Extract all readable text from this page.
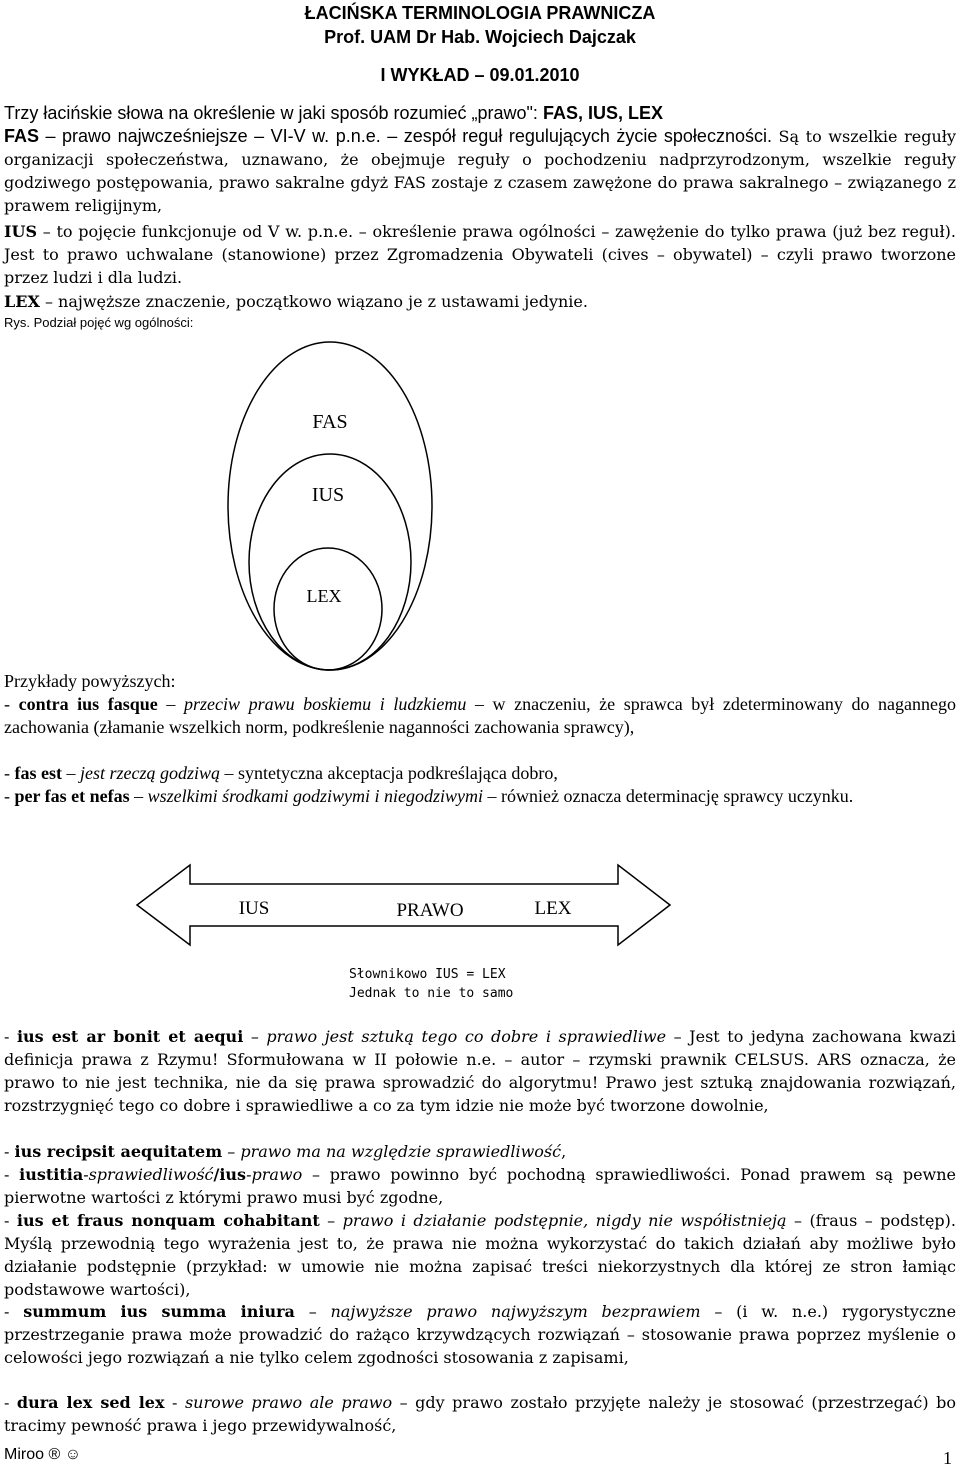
ŁACIŃSKA TERMINOLOGIA PRAWNICZA
Prof. UAM Dr Hab. Wojciech Dajczak
I WYKŁAD – 09.01.2010
Trzy łacińskie słowa na określenie w jaki sposób rozumieć „prawo": FAS, IUS, LEX
FAS – prawo najwcześniejsze – VI-V w. p.n.e. – zespół reguł regulujących życie społeczności. Są to wszelkie reguły organizacji społeczeństwa, uznawano, że obejmuje reguły o pochodzeniu nadprzyrodzonym, wszelkie reguły godziwego postępowania, prawo sakralne gdyż FAS zostaje z czasem zawężone do prawa sakralnego – związanego z prawem religijnym,
IUS – to pojęcie funkcjonuje od V w. p.n.e. – określenie prawa ogólności – zawężenie do tylko prawa (już bez reguł). Jest to prawo uchwalane (stanowione) przez Zgromadzenia Obywateli (cives – obywatel) – czyli prawo tworzone przez ludzi i dla ludzi.
LEX – najwęższe znaczenie, początkowo wiązano je z ustawami jedynie.
Rys. Podział pojęć wg ogólności:
FAS
IUS
LEX
Przykłady powyższych:
- contra ius fasque – przeciw prawu boskiemu i ludzkiemu – w znaczeniu, że sprawca był zdeterminowany do nagannego zachowania (złamanie wszelkich norm, podkreślenie naganności zachowania sprawcy),
- fas est – jest rzeczą godziwą – syntetyczna akceptacja podkreślająca dobro,
- per fas et nefas – wszelkimi środkami godziwymi i niegodziwymi – również oznacza determinację sprawcy uczynku.
IUS	PRAWO	LEX
Słownikowo IUS = LEX
Jednak to nie to samo
- ius est ar bonit et aequi – prawo jest sztuką tego co dobre i sprawiedliwe – Jest to jedyna zachowana kwazi definicja prawa z Rzymu! Sformułowana w II połowie n.e. – autor – rzymski prawnik CELSUS. ARS oznacza, że prawo to nie jest technika, nie da się prawa sprowadzić do algorytmu! Prawo jest sztuką znajdowania rozwiązań, rozstrzygnięć tego co dobre i sprawiedliwe a co za tym idzie nie może być tworzone dowolnie,
- ius recipsit aequitatem – prawo ma na względzie sprawiedliwość,
- iustitia-sprawiedliwość/ius-prawo – prawo powinno być pochodną sprawiedliwości. Ponad prawem są pewne pierwotne wartości z którymi prawo musi być zgodne,
- ius et fraus nonquam cohabitant – prawo i działanie podstępnie, nigdy nie współistnieją – (fraus – podstęp). Myślą przewodnią tego wyrażenia jest to, że prawa nie można wykorzystać do takich działań aby możliwe było działanie podstępnie (przykład: w umowie nie można zapisać treści niekorzystnych dla której ze stron łamiąc podstawowe wartości),
- summum ius summa iniura – najwyższe prawo najwyższym bezprawiem – (i w. n.e.) rygorystyczne przestrzeganie prawa może prowadzić do rażąco krzywdzących rozwiązań – stosowanie prawa poprzez myślenie o celowości jego rozwiązań a nie tylko celem zgodności stosowania z zapisami,
- dura lex sed lex - surowe prawo ale prawo – gdy prawo zostało przyjęte należy je stosować (przestrzegać) bo tracimy pewność prawa i jego przewidywalność,
Miroo ® ☺	1
